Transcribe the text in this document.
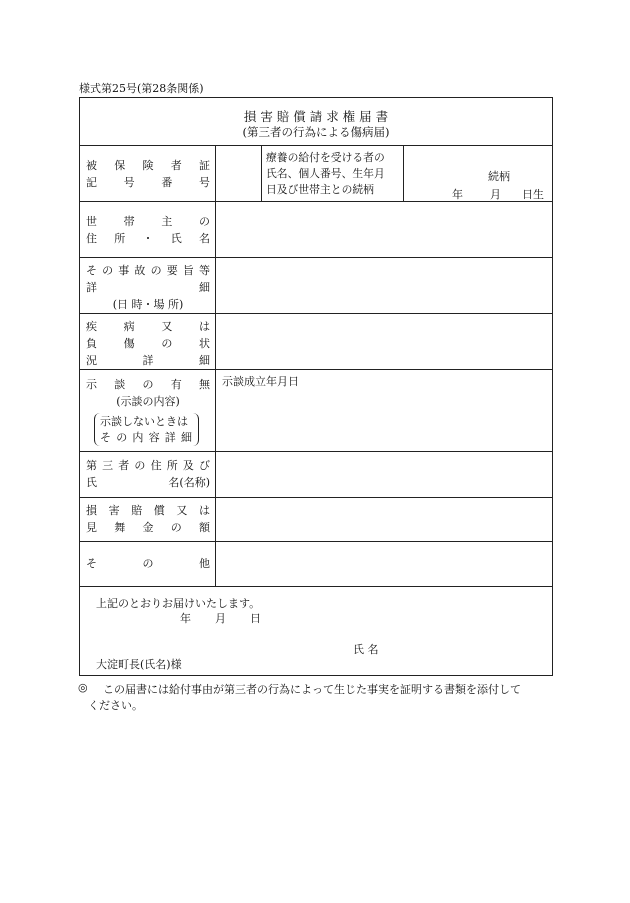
様式第25号(第28条関係)
損 害 賠 償 請 求 権 届 書
(第三者の行為による傷病届)
被 保 険 者 証
記 号 番 号
療養の給付を受ける者の
氏名、個人番号、生年月
日及び世帯主との続柄
続柄
年 月 日生
世 帯 主 の
住 所 ・ 氏 名
そ の 事 故 の 要 旨 等
詳	細
(日 時・場 所)
疾 病 又 は
負 傷 の 状
況	詳	細
示 談 の 有 無
(示談の内容)
示談しないときは
そ の 内 容 詳 細
示談成立年月日
第 三 者 の 住 所 及 び
氏	名(名称)
損 害 賠 償 又 は
見 舞 金 の 額
そ	の	他
上記のとおりお届けいたします。
年 月 日
氏 名
大淀町長(氏名)様
◎ この届書には給付事由が第三者の行為によって生じた事実を証明する書類を添付して
ください。
